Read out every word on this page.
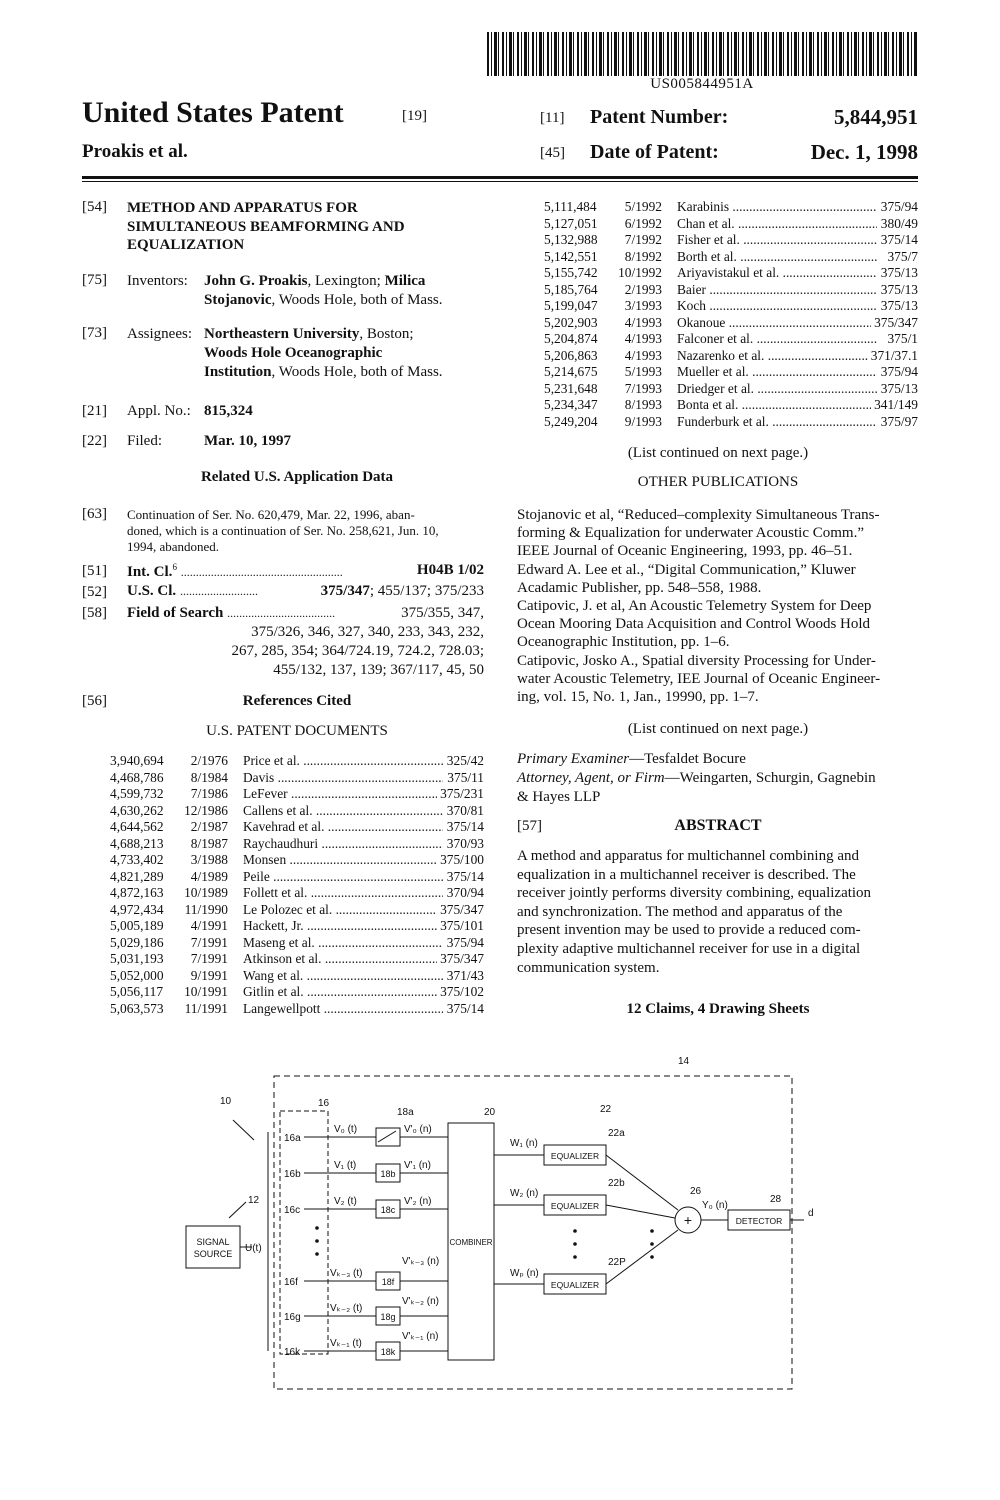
US005844951A
United States Patent	[19]
Proakis et al.
[11] Patent Number:	5,844,951
[45] Date of Patent:	Dec. 1, 1998
[54] METHOD AND APPARATUS FOR
SIMULTANEOUS BEAMFORMING AND
EQUALIZATION
[75] Inventors: John G. Proakis, Lexington; Milica
Stojanovic, Woods Hole, both of Mass.
[73] Assignees: Northeastern University, Boston;
Woods Hole Oceanographic
Institution, Woods Hole, both of Mass.
[21] Appl. No.: 815,324
[22] Filed:	Mar. 10, 1997
Related U.S. Application Data
[63] Continuation of Ser. No. 620,479, Mar. 22, 1996, aban-
doned, which is a continuation of Ser. No. 258,621, Jun. 10,
1994, abandoned.
[51] Int. Cl.$^6$ ......................................................	H04B 1/02
[52] U.S. Cl. ..........................	375/347; 455/137; 375/233
[58] Field of Search ....................................	375/355, 347,
375/326, 346, 327, 340, 233, 343, 232,
267, 285, 354; 364/724.19, 724.2, 728.03;
455/132, 137, 139; 367/117, 45, 50
[56]	References Cited
U.S. PATENT DOCUMENTS
3,940,694	2/1976 Price et al. .....	325/42
4,468,786	8/1984 Davis .....	375/11
4,599,732	7/1986 LeFever .....	375/231
4,630,262	12/1986 Callens et al. .....	370/81
4,644,562	2/1987 Kavehrad et al. .....	375/14
4,688,213	8/1987 Raychaudhuri .....	370/93
4,733,402	3/1988 Monsen .....	375/100
4,821,289	4/1989 Peile .....	375/14
4,872,163	10/1989 Follett et al. .....	370/94
4,972,434	11/1990 Le Polozec et al. .....	375/347
5,005,189	4/1991 Hackett, Jr. .....	375/101
5,029,186	7/1991 Maseng et al. .....	375/94
5,031,193	7/1991 Atkinson et al. .....	375/347
5,052,000	9/1991 Wang et al. .....	371/43
5,056,117	10/1991 Gitlin et al. .....	375/102
5,063,573	11/1991 Langewellpott .....	375/14
5,111,484	5/1992 Karabinis .....	375/94
5,127,051	6/1992 Chan et al. .....	380/49
5,132,988	7/1992 Fisher et al. .....	375/14
5,142,551	8/1992 Borth et al. .....	375/7
5,155,742	10/1992 Ariyavistakul et al. .....	375/13
5,185,764	2/1993 Baier .....	375/13
5,199,047	3/1993 Koch .....	375/13
5,202,903	4/1993 Okanoue .....	375/347
5,204,874	4/1993 Falconer et al. .....	375/1
5,206,863	4/1993 Nazarenko et al. .....	371/37.1
5,214,675	5/1993 Mueller et al. .....	375/94
5,231,648	7/1993 Driedger et al. .....	375/13
5,234,347	8/1993 Bonta et al. .....	341/149
5,249,204	9/1993 Funderburk et al. .....	375/97
(List continued on next page.)
OTHER PUBLICATIONS
Stojanovic et al, “Reduced–complexity Simultaneous Trans-
forming & Equalization for underwater Acoustic Comm.”
IEEE Journal of Oceanic Engineering, 1993, pp. 46–51.
Edward A. Lee et al., “Digital Communication,” Kluwer
Acadamic Publisher, pp. 548–558, 1988.
Catipovic, J. et al, An Acoustic Telemetry System for Deep
Ocean Mooring Data Acquisition and Control Woods Hold
Oceanographic Institution, pp. 1–6.
Catipovic, Josko A., Spatial diversity Processing for Under-
water Acoustic Telemetry, IEE Journal of Oceanic Engineer-
ing, vol. 15, No. 1, Jan., 19990, pp. 1–7.
(List continued on next page.)
Primary Examiner—Tesfaldet Bocure
Attorney, Agent, or Firm—Weingarten, Schurgin, Gagnebin
& Hayes LLP
[57]	ABSTRACT
A method and apparatus for multichannel combining and
equalization in a multichannel receiver is described. The
receiver jointly performs diversity combining, equalization
and synchronization. The method and apparatus of the
present invention may be used to provide a reduced com-
plexity adaptive multichannel receiver for use in a digital
communication system.
12 Claims, 4 Drawing Sheets
10
12
14
16
18a	20	22
22a
22b
22P
26
28
SIGNAL
SOURCE U(t)
COMBINER
EQUALIZER
EQUALIZER
EQUALIZER
DETECTOR
d
+
W₁ (n)
W₂ (n)
Wₚ (n)
Y₀ (n)
16a
16b
16c
16f
16g
16k
V₀ (t)
V₁ (t)
V₂ (t)
Vₖ₋₃ (t)
Vₖ₋₂ (t)
Vₖ₋₁ (t)
18b
18c
18f
18g
18k
V'₀ (n)
V'₁ (n)
V'₂ (n)
V'ₖ₋₃ (n)
V'ₖ₋₂ (n)
V'ₖ₋₁ (n)
